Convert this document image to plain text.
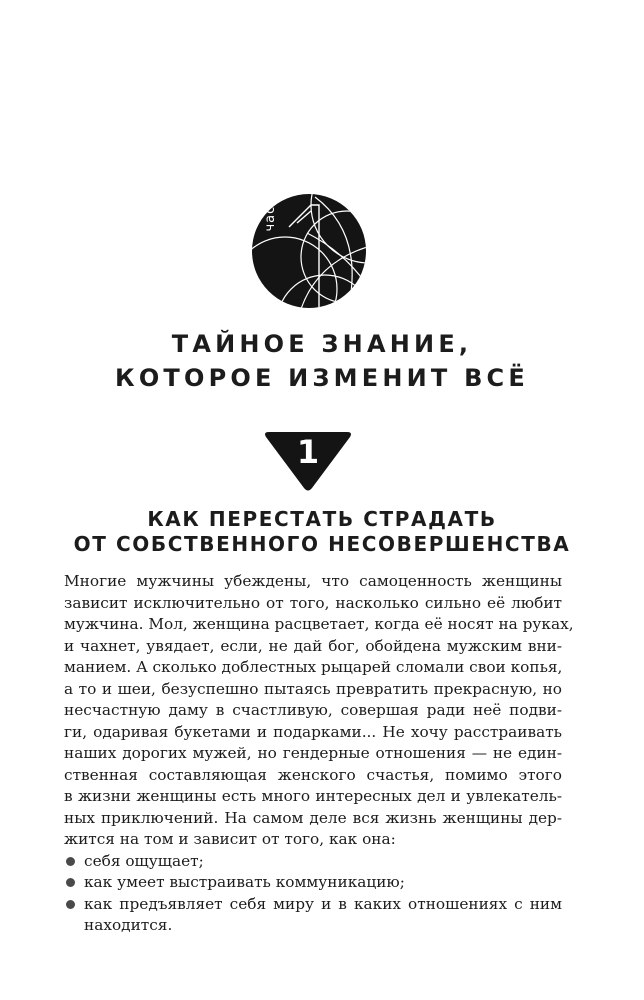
часть
ТАЙНОЕ ЗНАНИЕ,
КОТОРОЕ ИЗМЕНИТ ВСЁ
1
КАК ПЕРЕСТАТЬ СТРАДАТЬ
ОТ СОБСТВЕННОГО НЕСОВЕРШЕНСТВА
Многие мужчины убеждены, что самоценность женщины
зависит исключительно от того, насколько сильно её любит
мужчина. Мол, женщина расцветает, когда её носят на руках,
и чахнет, увядает, если, не дай бог, обойдена мужским вни-
манием. А сколько доблестных рыцарей сломали свои копья,
а то и шеи, безуспешно пытаясь превратить прекрасную, но
несчастную даму в счастливую, совершая ради неё подви-
ги, одаривая букетами и подарками... Не хочу расстраивать
наших дорогих мужей, но гендерные отношения — не един-
ственная составляющая женского счастья, помимо этого
в жизни женщины есть много интересных дел и увлекатель-
ных приключений. На самом деле вся жизнь женщины дер-
жится на том и зависит от того, как она:
себя ощущает;
как умеет выстраивать коммуникацию;
как предъявляет себя миру и в каких отношениях с ним
находится.
